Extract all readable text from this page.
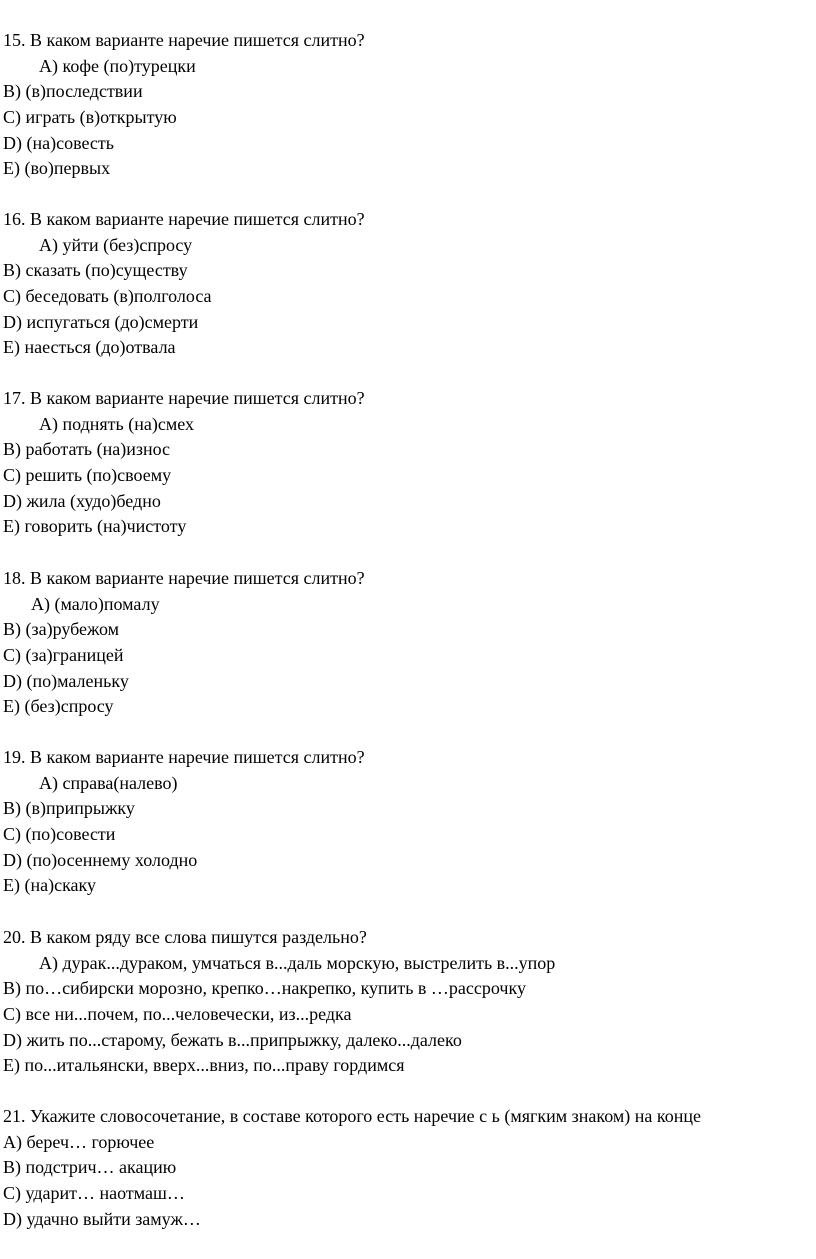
15. В каком варианте наречие пишется слитно?
A) кофе (по)турецки
B) (в)последствии
C) играть (в)открытую
D) (на)совесть
E) (во)первых
16. В каком варианте наречие пишется слитно?
A) уйти (без)спросу
B) сказать (по)существу
C) беседовать (в)полголоса
D) испугаться (до)смерти
E) наесться (до)отвала
17. В каком варианте наречие пишется слитно?
A) поднять (на)смех
B) работать (на)износ
C) решить (по)своему
D) жила (худо)бедно
E) говорить (на)чистоту
18. В каком варианте наречие пишется слитно?
A) (мало)помалу
B) (за)рубежом
C) (за)границей
D) (по)маленьку
E) (без)спросу
19. В каком варианте наречие пишется слитно?
A) справа(налево)
B) (в)припрыжку
C) (по)совести
D) (по)осеннему холодно
E) (на)скаку
20. В каком ряду все слова пишутся раздельно?
A) дурак...дураком, умчаться в...даль морскую, выстрелить в...упор
B) по…сибирски морозно, крепко…накрепко, купить в …рассрочку
C) все ни...почем, по...человечески, из...редка
D) жить по...старому, бежать в...припрыжку, далеко...далеко
E) по...итальянски, вверх...вниз, по...праву гордимся
21. Укажите словосочетание, в составе которого есть наречие с ь (мягким знаком) на конце
A) береч… горючее
B) подстрич… акацию
C) ударит… наотмаш…
D) удачно выйти замуж…
